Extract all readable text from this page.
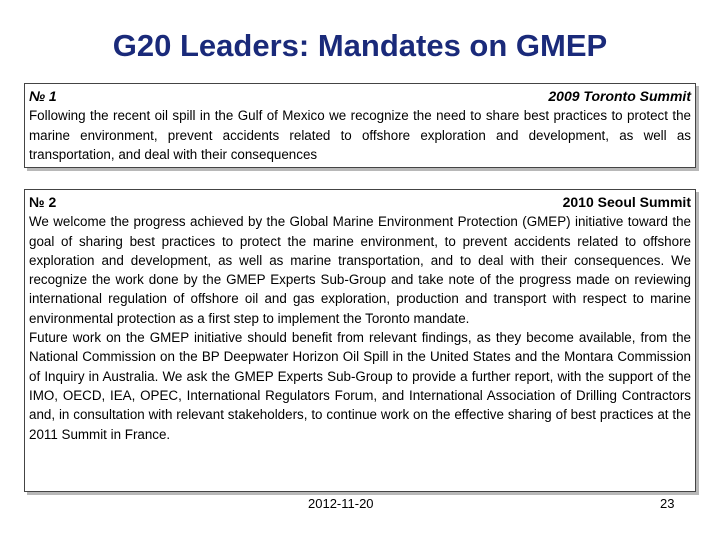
G20 Leaders: Mandates on GMEP
№ 1	2009 Toronto Summit

Following the recent oil spill in the Gulf of Mexico we recognize the need to share best practices to protect the marine environment, prevent accidents related to offshore exploration and development, as well as transportation, and deal with their consequences

№ 2	2010 Seoul Summit

We welcome the progress achieved by the Global Marine Environment Protection (GMEP) initiative toward the goal of sharing best practices to protect the marine environment, to prevent accidents related to offshore exploration and development, as well as marine transportation, and to deal with their consequences. We recognize the work done by the GMEP Experts Sub-Group and take note of the progress made on reviewing international regulation of offshore oil and gas exploration, production and transport with respect to marine environmental protection as a first step to implement the Toronto mandate.

Future work on the GMEP initiative should benefit from relevant findings, as they become available, from the National Commission on the BP Deepwater Horizon Oil Spill in the United States and the Montara Commission of Inquiry in Australia. We ask the GMEP Experts Sub-Group to provide a further report, with the support of the IMO, OECD, IEA, OPEC, International Regulators Forum, and International Association of Drilling Contractors and, in consultation with relevant stakeholders, to continue work on the effective sharing of best practices at the 2011 Summit in France.

2012-11-20	23
